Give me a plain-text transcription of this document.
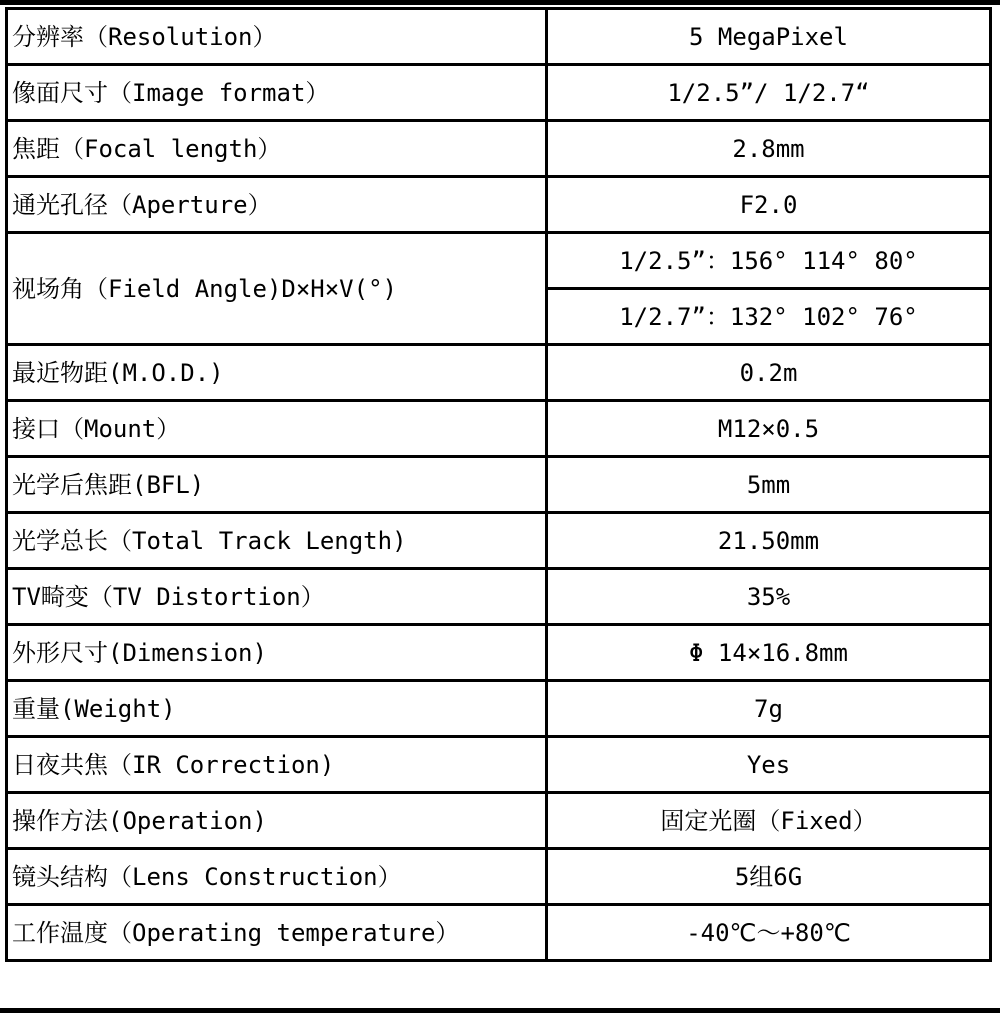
分辨率（Resolution）	5 MegaPixel
像面尺寸（Image format）	1/2.5”/ 1/2.7“
焦距（Focal length）	2.8mm
通光孔径（Aperture）	F2.0
视场角（Field Angle)D×H×V(°)	1/2.5”：156° 114° 80°
	1/2.7”：132° 102° 76°
最近物距(M.O.D.)	0.2m
接口（Mount）	M12×0.5
光学后焦距(BFL)	5mm
光学总长（Total Track Length)	21.50mm
TV畸变（TV Distortion）	35%
外形尺寸(Dimension)	Φ 14×16.8mm
重量(Weight)	7g
日夜共焦（IR Correction)	Yes
操作方法(Operation)	固定光圈（Fixed）
镜头结构（Lens Construction）	5组6G
工作温度（Operating temperature）	-40℃～+80℃
